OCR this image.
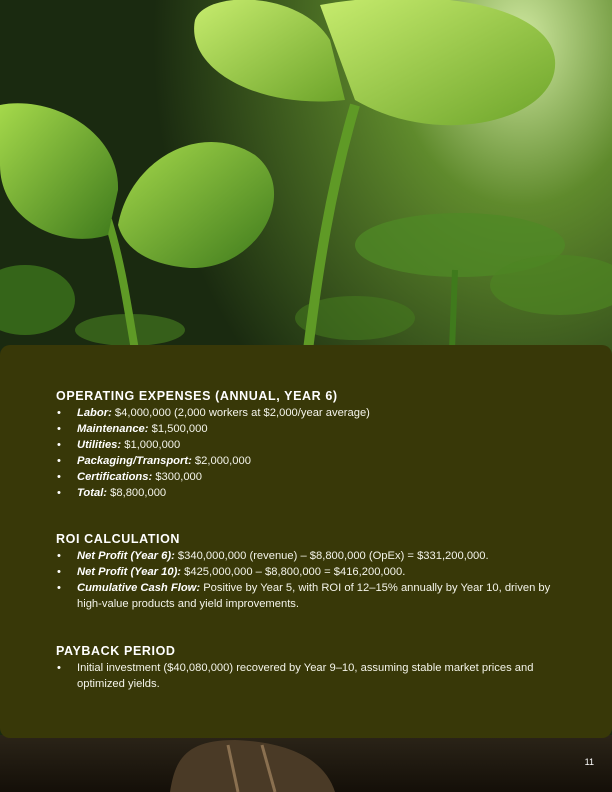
OPERATING EXPENSES (ANNUAL, YEAR 6)
• Labor: $4,000,000 (2,000 workers at $2,000/year average)
• Maintenance: $1,500,000
• Utilities: $1,000,000
• Packaging/Transport: $2,000,000
• Certifications: $300,000
• Total: $8,800,000
ROI CALCULATION
• Net Profit (Year 6): $340,000,000 (revenue) – $8,800,000 (OpEx) = $331,200,000.
• Net Profit (Year 10): $425,000,000 – $8,800,000 = $416,200,000.
• Cumulative Cash Flow: Positive by Year 5, with ROI of 12–15% annually by Year 10, driven by high-value products and yield improvements.
PAYBACK PERIOD
• Initial investment ($40,080,000) recovered by Year 9–10, assuming stable market prices and optimized yields.
11
